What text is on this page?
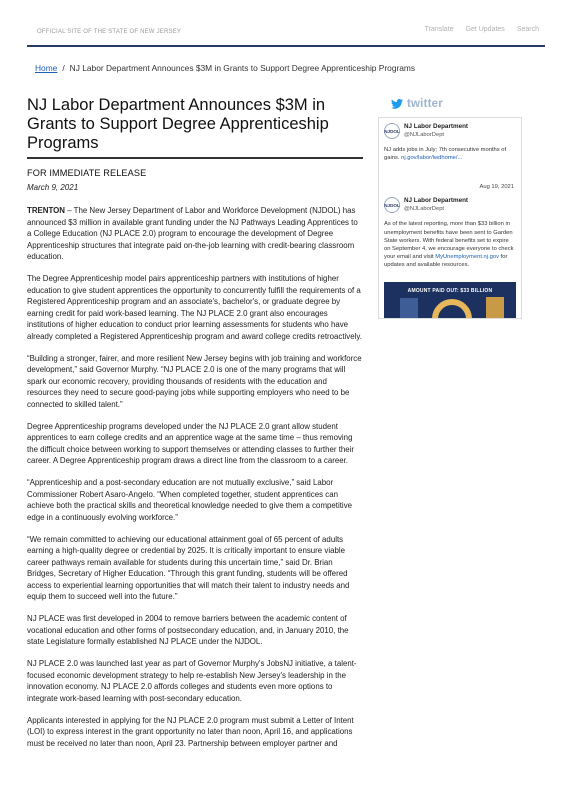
OFFICIAL SITE OF THE STATE OF NEW JERSEY	Translate Get Updates Search
Home / NJ Labor Department Announces $3M in Grants to Support Degree Apprenticeship Programs
NJ Labor Department Announces $3M in Grants to Support Degree Apprenticeship Programs
FOR IMMEDIATE RELEASE
March 9, 2021

TRENTON – The New Jersey Department of Labor and Workforce Development (NJDOL) has announced $3 million in available grant funding under the NJ Pathways Leading Apprentices to a College Education (NJ PLACE 2.0) program to encourage the development of Degree Apprenticeship structures that integrate paid on-the-job learning with credit-bearing classroom education.

The Degree Apprenticeship model pairs apprenticeship partners with institutions of higher education to give student apprentices the opportunity to concurrently fulfill the requirements of a Registered Apprenticeship program and an associate's, bachelor's, or graduate degree by earning credit for paid work-based learning. The NJ PLACE 2.0 grant also encourages institutions of higher education to conduct prior learning assessments for students who have already completed a Registered Apprenticeship program and award college credits retroactively.

“Building a stronger, fairer, and more resilient New Jersey begins with job training and workforce development,” said Governor Murphy. “NJ PLACE 2.0 is one of the many programs that will spark our economic recovery, providing thousands of residents with the education and resources they need to secure good-paying jobs while supporting employers who need to be connected to skilled talent.”

Degree Apprenticeship programs developed under the NJ PLACE 2.0 grant allow student apprentices to earn college credits and an apprentice wage at the same time – thus removing the difficult choice between working to support themselves or attending classes to further their career. A Degree Apprenticeship program draws a direct line from the classroom to a career.

“Apprenticeship and a post-secondary education are not mutually exclusive,” said Labor Commissioner Robert Asaro-Angelo. “When completed together, student apprentices can achieve both the practical skills and theoretical knowledge needed to give them a competitive edge in a continuously evolving workforce.”

“We remain committed to achieving our educational attainment goal of 65 percent of adults earning a high-quality degree or credential by 2025. It is critically important to ensure viable career pathways remain available for students during this uncertain time,” said Dr. Brian Bridges, Secretary of Higher Education. “Through this grant funding, students will be offered access to experiential learning opportunities that will match their talent to industry needs and equip them to succeed well into the future.”

NJ PLACE was first developed in 2004 to remove barriers between the academic content of vocational education and other forms of postsecondary education, and, in January 2010, the state Legislature formally established NJ PLACE under the NJDOL.

NJ PLACE 2.0 was launched last year as part of Governor Murphy's JobsNJ initiative, a talent-focused economic development strategy to help re-establish New Jersey's leadership in the innovation economy. NJ PLACE 2.0 affords colleges and students even more options to integrate work-based learning with post-secondary education.

Applicants interested in applying for the NJ PLACE 2.0 program must submit a Letter of Intent (LOI) to express interest in the grant opportunity no later than noon, April 16, and applications must be received no later than noon, April 23. Partnership between employer partner and

twitter
NJDOL
NJ Labor Department
@NJLaborDept
NJ adds jobs in July; 7th consecutive months of gains. nj.gov/labor/lwdhome/...
Aug 19, 2021
NJDOL
NJ Labor Department
@NJLaborDept
As of the latest reporting, more than $33 billion in unemployment benefits have been sent to Garden State workers. With federal benefits set to expire on September 4, we encourage everyone to check your email and visit MyUnemployment.nj.gov for updates and available resources.
AMOUNT PAID OUT: $33 BILLION
